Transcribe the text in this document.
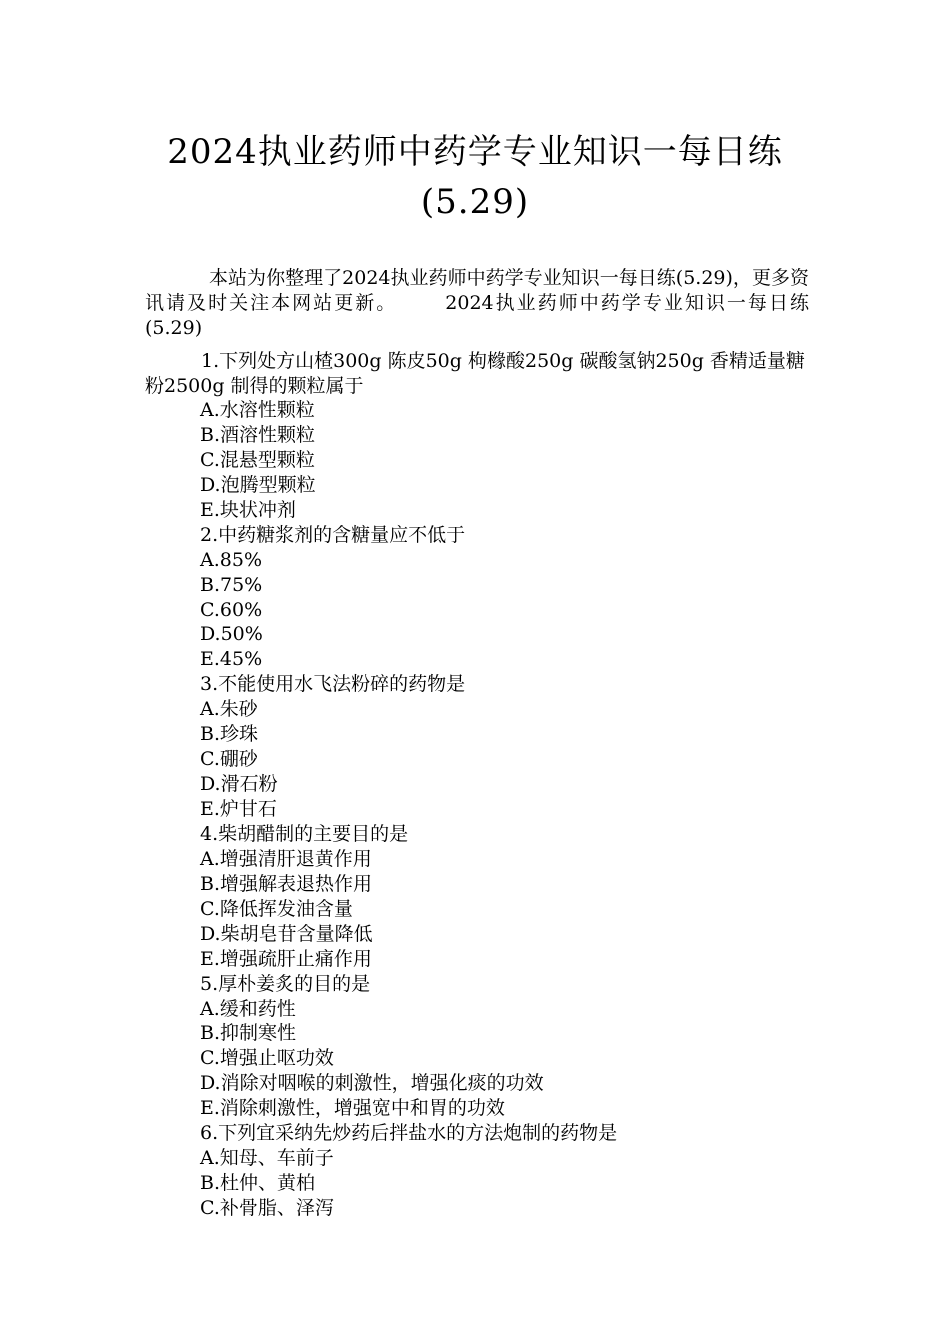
2024执业药师中药学专业知识一每日练
(5.29)
本站为你整理了2024执业药师中药学专业知识一每日练(5.29)，更多资讯请及时关注本网站更新。	2024执业药师中药学专业知识一每日练(5.29)
1.下列处方山楂300g 陈皮50g 枸橼酸250g 碳酸氢钠250g 香精适量糖粉2500g 制得的颗粒属于
A.水溶性颗粒
B.酒溶性颗粒
C.混悬型颗粒
D.泡腾型颗粒
E.块状冲剂
2.中药糖浆剂的含糖量应不低于
A.85%
B.75%
C.60%
D.50%
E.45%
3.不能使用水飞法粉碎的药物是
A.朱砂
B.珍珠
C.硼砂
D.滑石粉
E.炉甘石
4.柴胡醋制的主要目的是
A.增强清肝退黄作用
B.增强解表退热作用
C.降低挥发油含量
D.柴胡皂苷含量降低
E.增强疏肝止痛作用
5.厚朴姜炙的目的是
A.缓和药性
B.抑制寒性
C.增强止呕功效
D.消除对咽喉的刺激性，增强化痰的功效
E.消除刺激性，增强宽中和胃的功效
6.下列宜采纳先炒药后拌盐水的方法炮制的药物是
A.知母、车前子
B.杜仲、黄柏
C.补骨脂、泽泻
